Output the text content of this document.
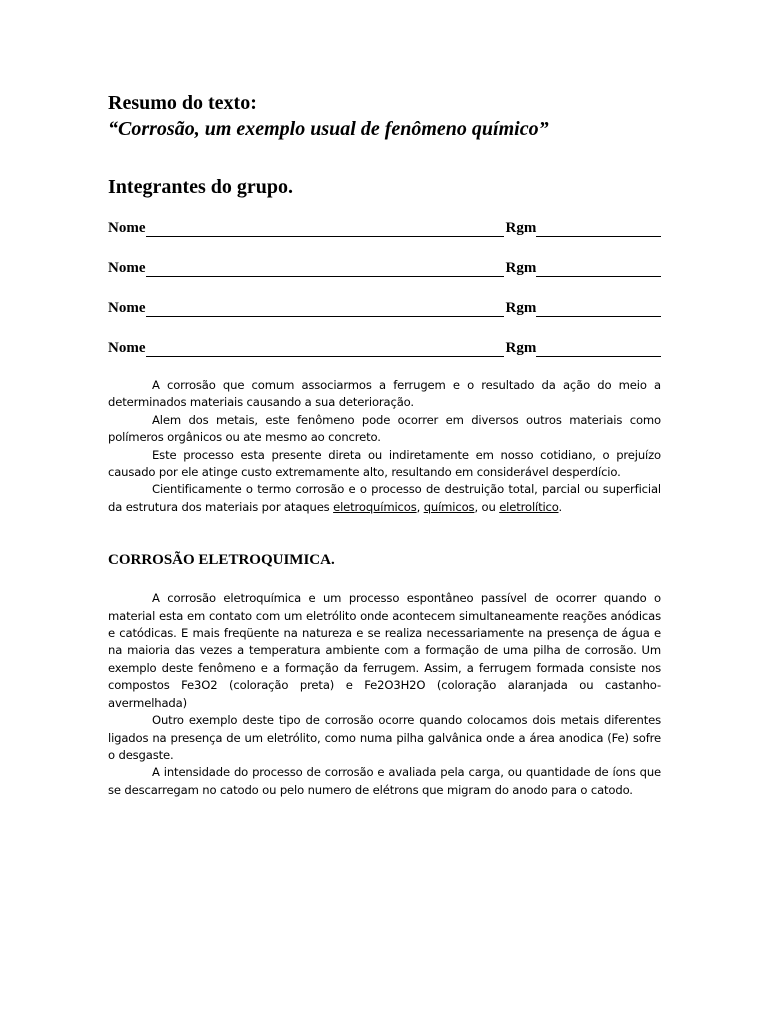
Resumo do texto:
“Corrosão, um exemplo usual de fenômeno químico”
Integrantes do grupo.
Nome	Rgm
Nome	Rgm
Nome	Rgm
Nome	Rgm

A corrosão que comum associarmos a ferrugem e o resultado da ação do meio a determinados materiais causando a sua deterioração.

Alem dos metais, este fenômeno pode ocorrer em diversos outros materiais como polímeros orgânicos ou ate mesmo ao concreto.

Este processo esta presente direta ou indiretamente em nosso cotidiano, o prejuízo causado por ele atinge custo extremamente alto, resultando em considerável desperdício.

Cientificamente o termo corrosão e o processo de destruição total, parcial ou superficial da estrutura dos materiais por ataques eletroquímicos, químicos, ou eletrolítico.

CORROSÃO ELETROQUIMICA.

A corrosão eletroquímica e um processo espontâneo passível de ocorrer quando o material esta em contato com um eletrólito onde acontecem simultaneamente reações anódicas e catódicas. E mais freqüente na natureza e se realiza necessariamente na presença de água e na maioria das vezes a temperatura ambiente com a formação de uma pilha de corrosão. Um exemplo deste fenômeno e a formação da ferrugem. Assim, a ferrugem formada consiste nos compostos Fe3O2 (coloração preta) e Fe2O3H2O (coloração alaranjada ou castanho-avermelhada)

Outro exemplo deste tipo de corrosão ocorre quando colocamos dois metais diferentes ligados na presença de um eletrólito, como numa pilha galvânica onde a área anodica (Fe) sofre o desgaste.

A intensidade do processo de corrosão e avaliada pela carga, ou quantidade de íons que se descarregam no catodo ou pelo numero de elétrons que migram do anodo para o catodo.
